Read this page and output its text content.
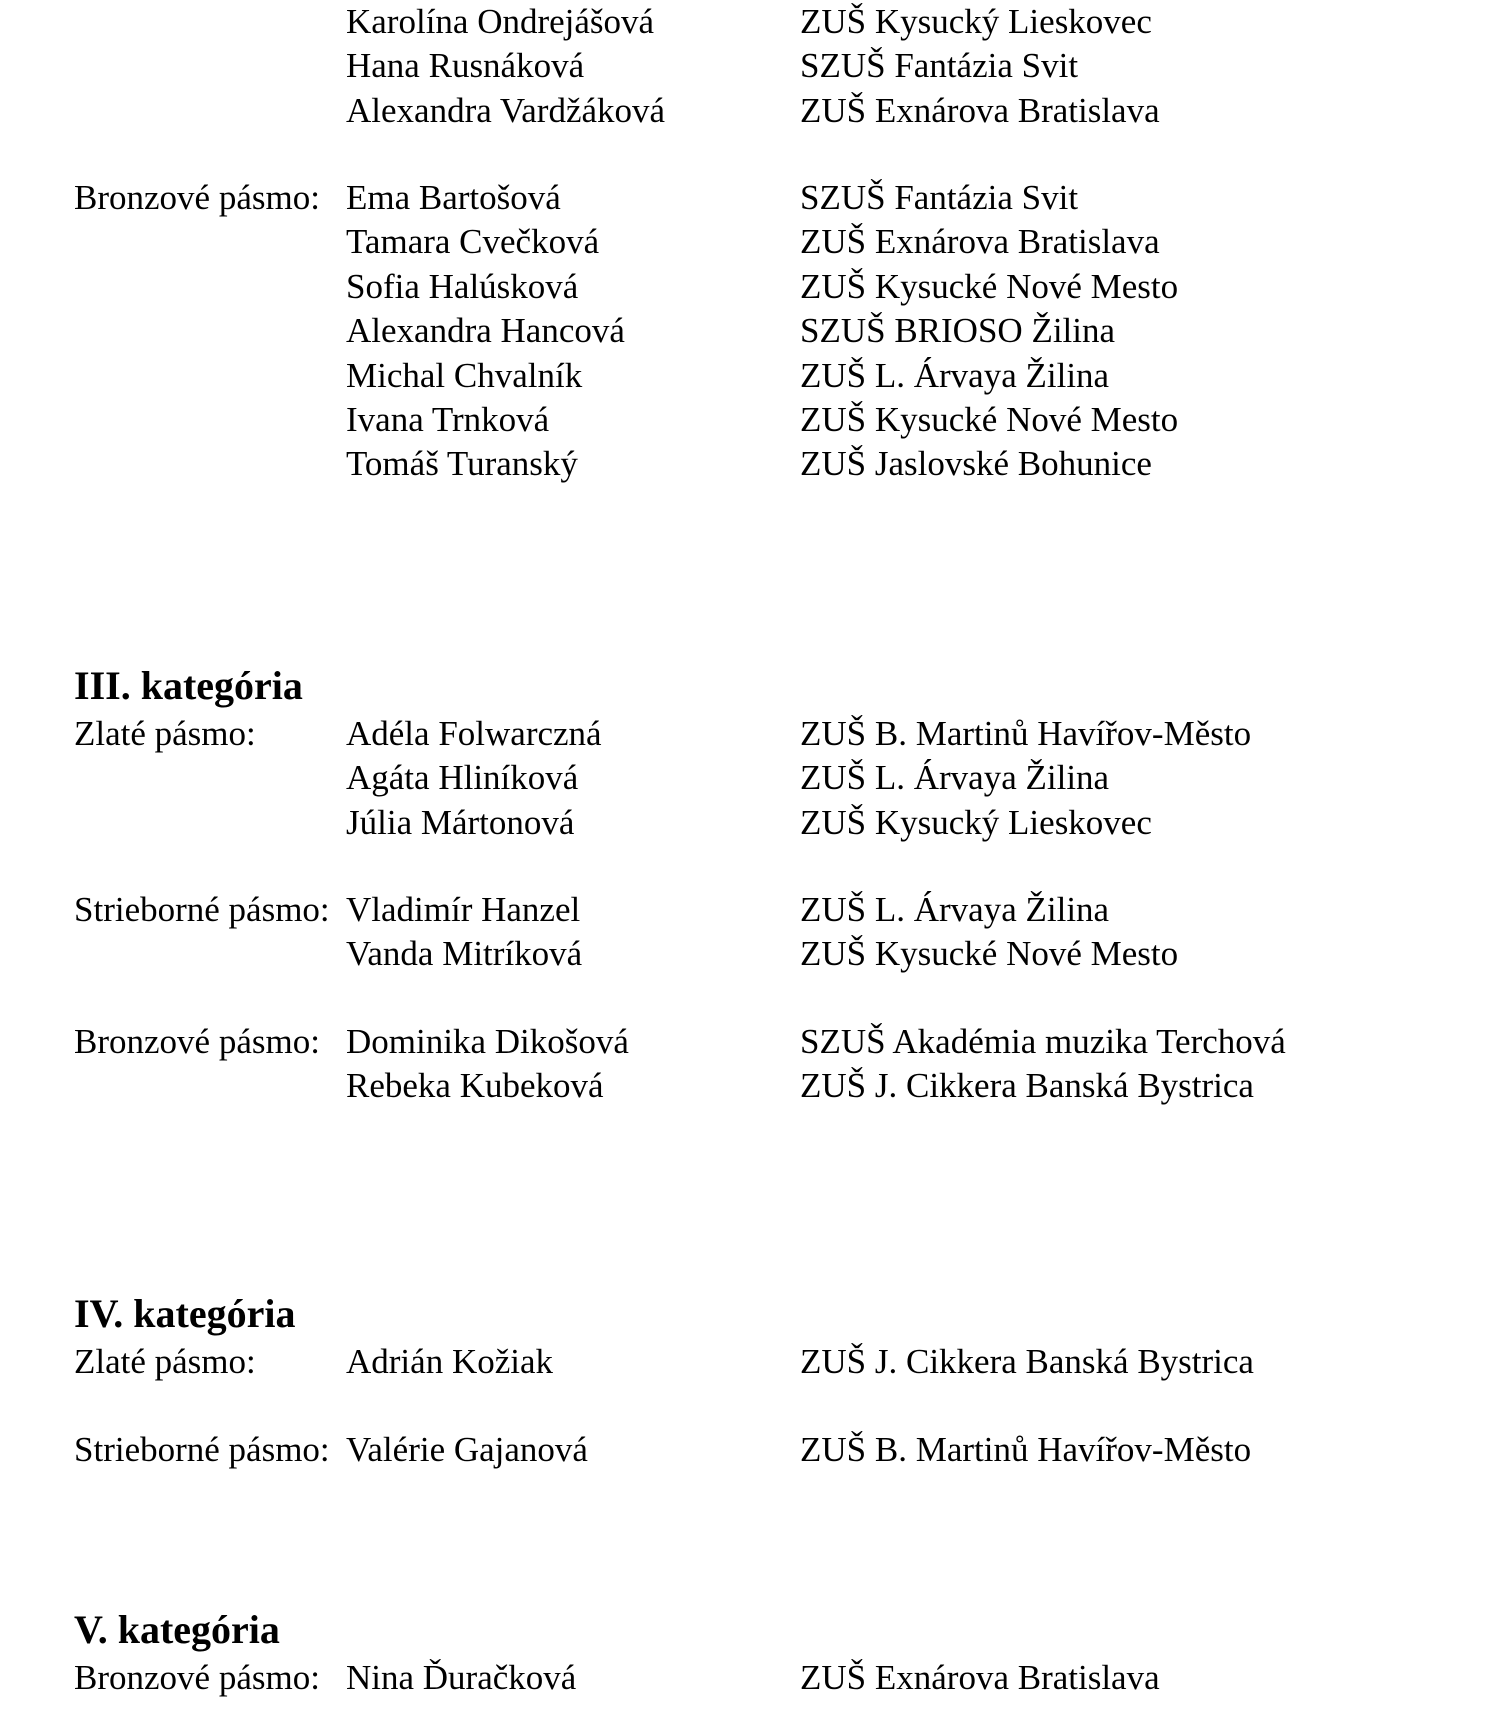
Karolína Ondrejášová	ZUŠ Kysucký Lieskovec
Hana Rusnáková	SZUŠ Fantázia Svit
Alexandra Vardžáková	ZUŠ Exnárova Bratislava
Bronzové pásmo: Ema Bartošová	SZUŠ Fantázia Svit
Tamara Cvečková	ZUŠ Exnárova Bratislava
Sofia Halúsková	ZUŠ Kysucké Nové Mesto
Alexandra Hancová	SZUŠ BRIOSO Žilina
Michal Chvalník	ZUŠ L. Árvaya Žilina
Ivana Trnková	ZUŠ Kysucké Nové Mesto
Tomáš Turanský	ZUŠ Jaslovské Bohunice
III. kategória
Zlaté pásmo:	Adéla Folwarczná	ZUŠ B. Martinů Havířov-Město
Agáta Hliníková	ZUŠ L. Árvaya Žilina
Júlia Mártonová	ZUŠ Kysucký Lieskovec
Strieborné pásmo: Vladimír Hanzel	ZUŠ L. Árvaya Žilina
Vanda Mitríková	ZUŠ Kysucké Nové Mesto
Bronzové pásmo: Dominika Dikošová	SZUŠ Akadémia muzika Terchová
Rebeka Kubeková	ZUŠ J. Cikkera Banská Bystrica
IV. kategória
Zlaté pásmo:	Adrián Kožiak	ZUŠ J. Cikkera Banská Bystrica
Strieborné pásmo: Valérie Gajanová	ZUŠ B. Martinů Havířov-Město
V. kategória
Bronzové pásmo: Nina Ďuračková	ZUŠ Exnárova Bratislava
